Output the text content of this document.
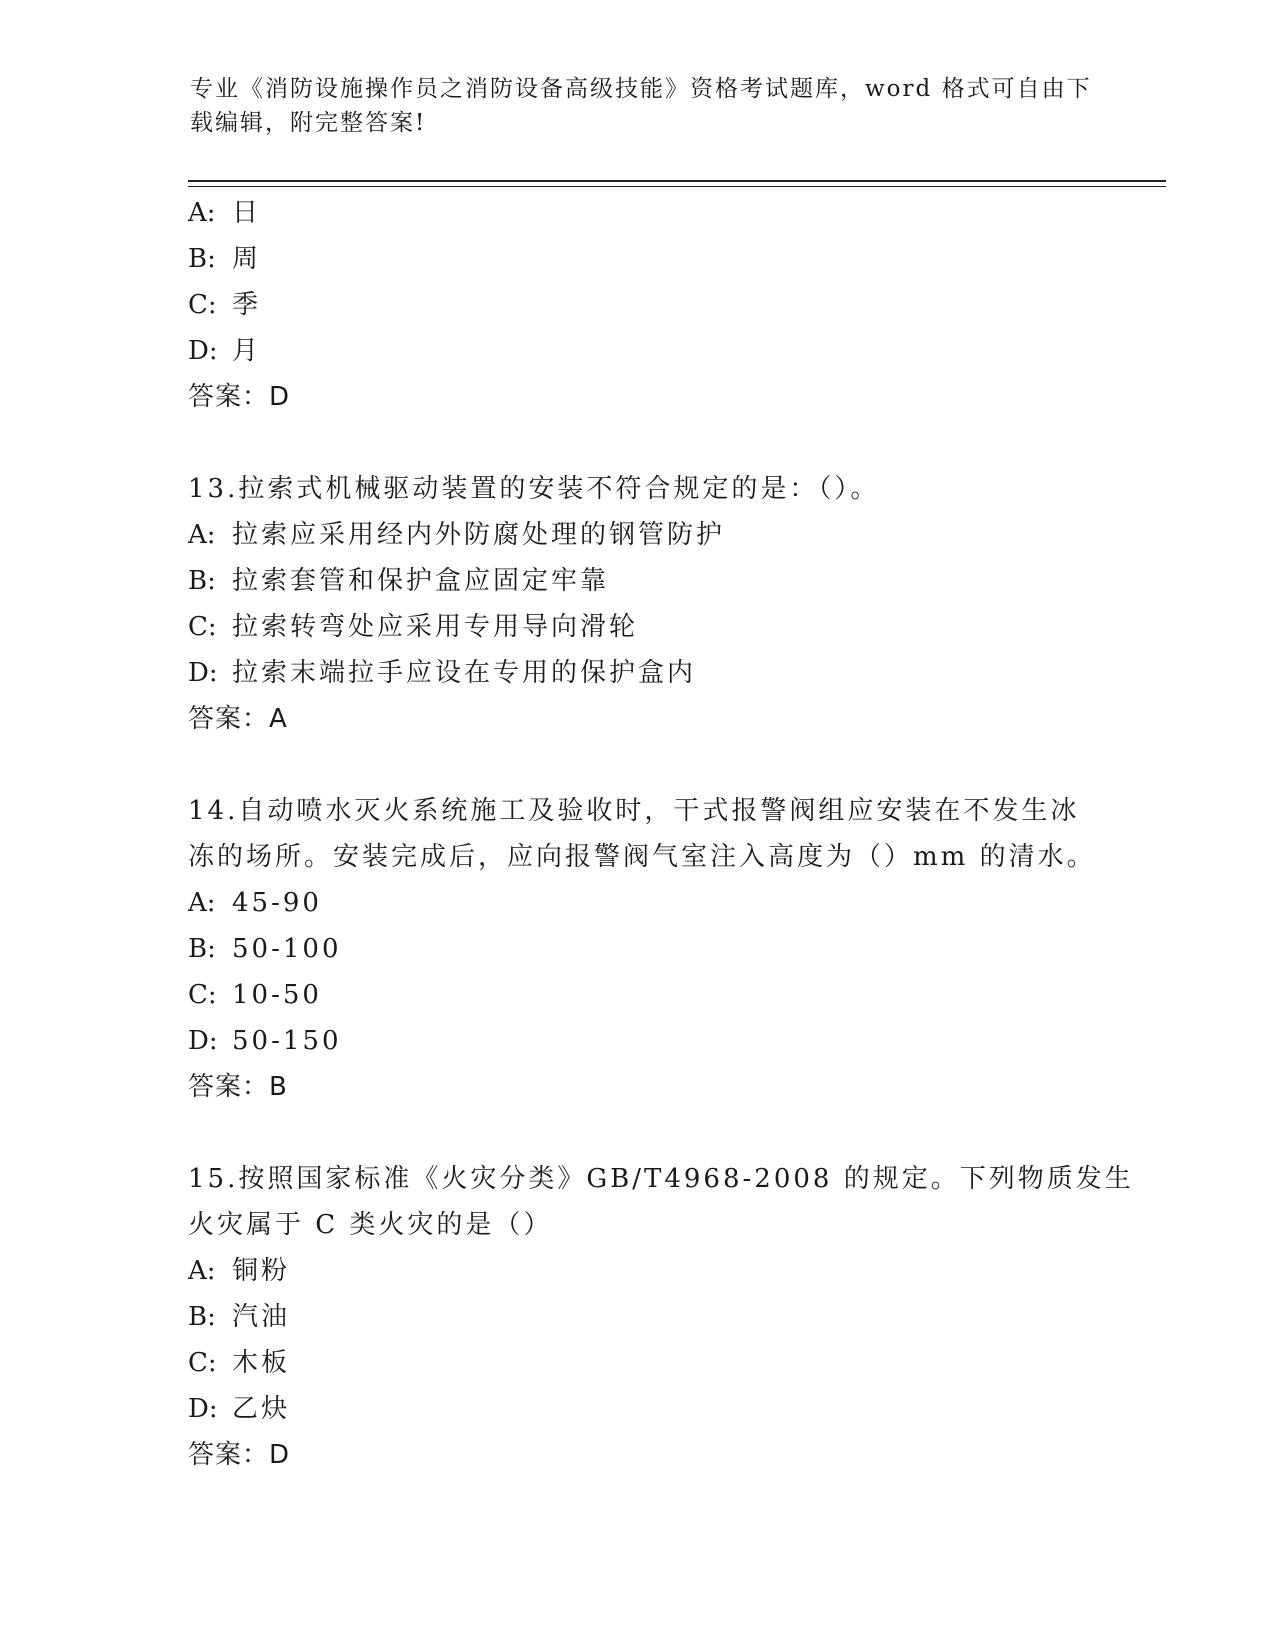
专业《消防设施操作员之消防设备高级技能》资格考试题库，word 格式可自由下
载编辑，附完整答案!
A: 日
B: 周
C: 季
D: 月
答案：D
13.拉索式机械驱动装置的安装不符合规定的是：（）。
A: 拉索应采用经内外防腐处理的钢管防护
B: 拉索套管和保护盒应固定牢靠
C: 拉索转弯处应采用专用导向滑轮
D: 拉索末端拉手应设在专用的保护盒内
答案：A
14.自动喷水灭火系统施工及验收时，干式报警阀组应安装在不发生冰
冻的场所。安装完成后，应向报警阀气室注入高度为（）mm 的清水。
A: 45-90
B: 50-100
C: 10-50
D: 50-150
答案：B
15.按照国家标准《火灾分类》GB/T4968-2008 的规定。下列物质发生
火灾属于 C 类火灾的是（）
A: 铜粉
B: 汽油
C: 木板
D: 乙炔
答案：D
